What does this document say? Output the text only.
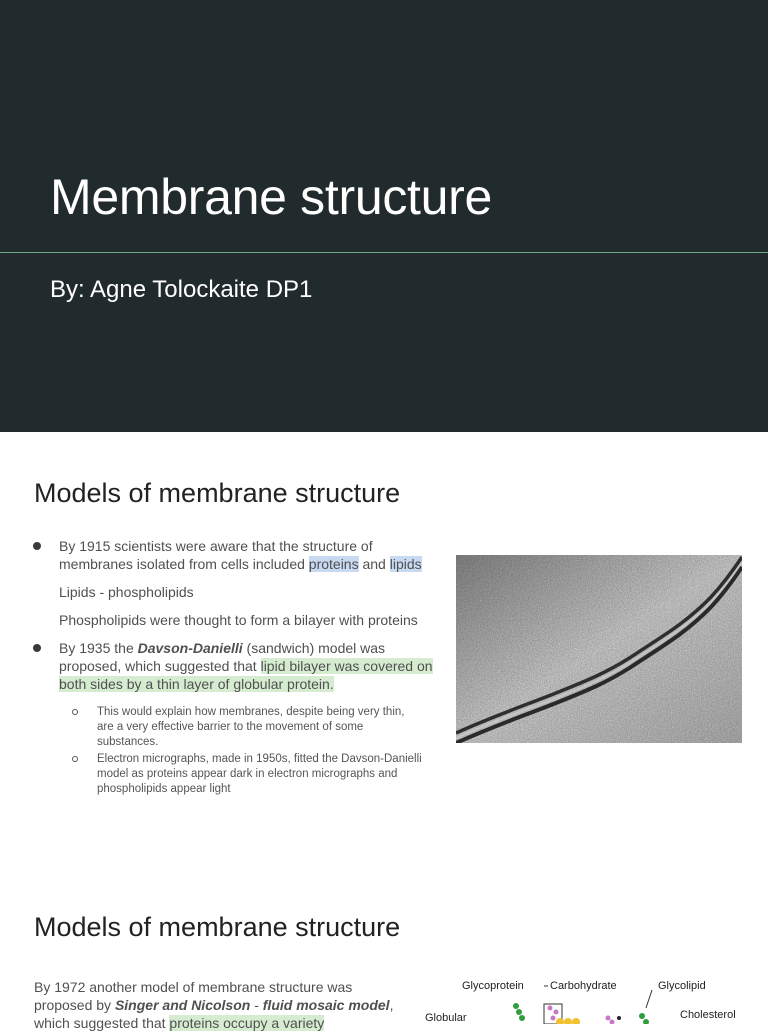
Membrane structure
By: Agne Tolockaite DP1
Models of membrane structure
By 1915 scientists were aware that the structure of membranes isolated from cells included proteins and lipids
Lipids - phospholipids
Phospholipids were thought to form a bilayer with proteins
By 1935 the Davson-Danielli (sandwich) model was proposed, which suggested that lipid bilayer was covered on both sides by a thin layer of globular protein.
This would explain how membranes, despite being very thin, are a very effective barrier to the movement of some substances.
Electron micrographs, made in 1950s, fitted the Davson-Danielli model as proteins appear dark in electron micrographs and phospholipids appear light
Models of membrane structure
By 1972 another model of membrane structure was proposed by Singer and Nicolson - fluid mosaic model, which suggested that proteins occupy a variety
Glycoprotein Carbohydrate	Glycolipid
Globular	Cholesterol
